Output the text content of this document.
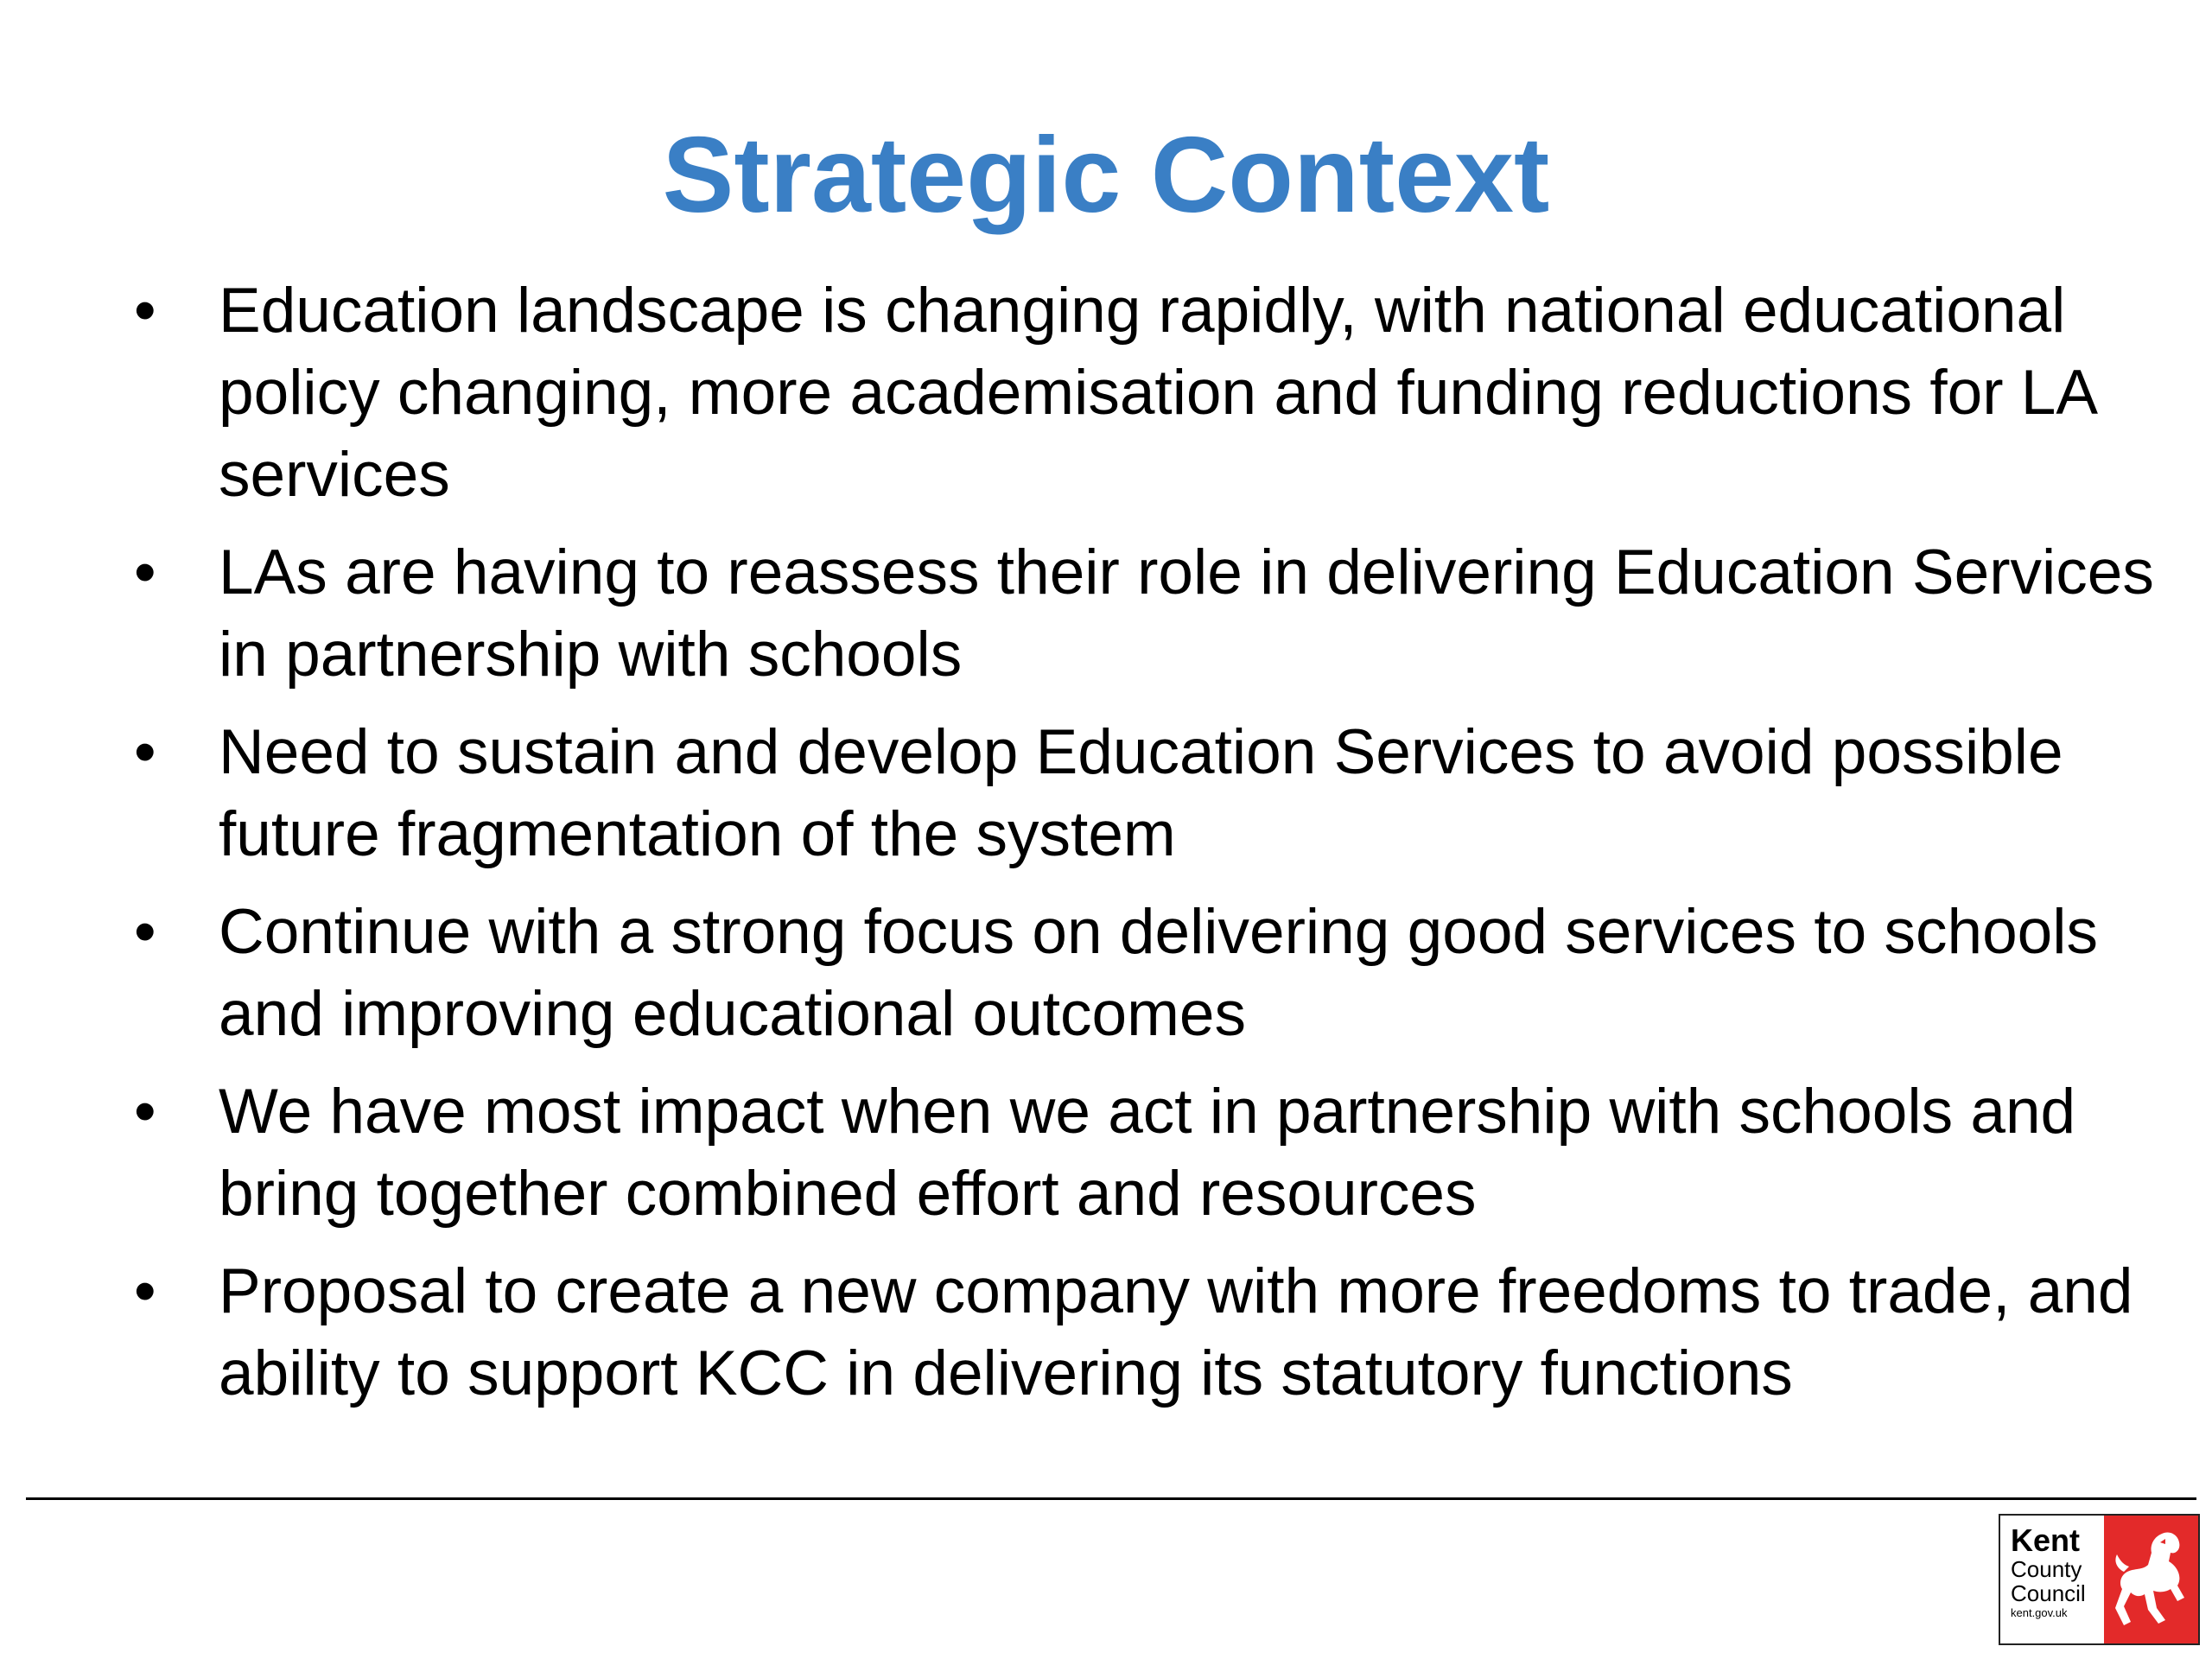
Strategic Context
• Education landscape is changing rapidly, with national educational policy changing, more academisation and funding reductions for LA services
• LAs are having to reassess their role in delivering Education Services in partnership with schools
• Need to sustain and develop Education Services to avoid possible future fragmentation of the system
• Continue with a strong focus on delivering good services to schools and improving educational outcomes
• We have most impact when we act in partnership with schools and bring together combined effort and resources
• Proposal to create a new company with more freedoms to trade, and ability to support KCC in delivering its statutory functions
Kent
County
Council
kent.gov.uk
